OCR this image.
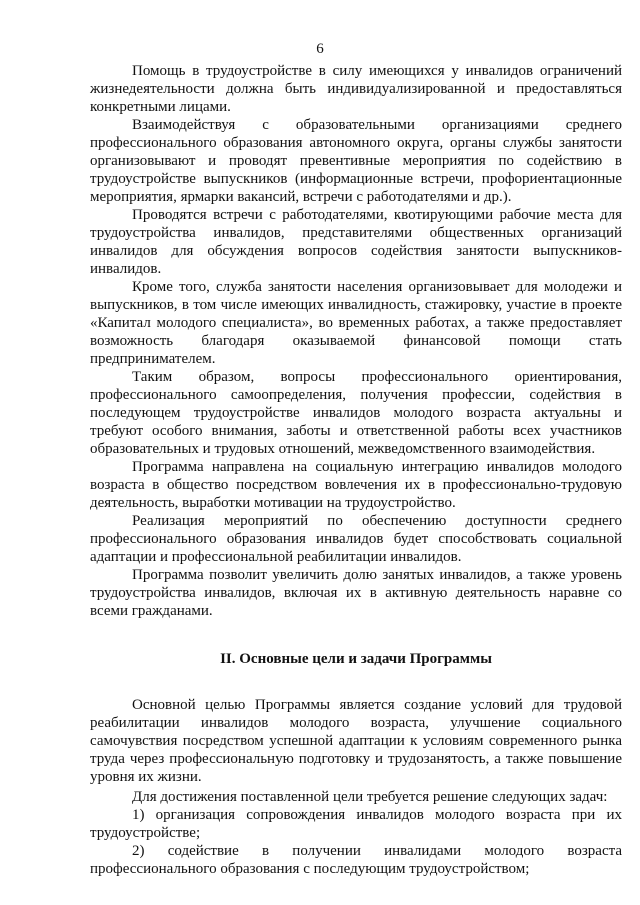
6

Помощь в трудоустройстве в силу имеющихся у инвалидов ограничений жизнедеятельности должна быть индивидуализированной и предоставляться конкретными лицами.

Взаимодействуя с образовательными организациями среднего профессионального образования автономного округа, органы службы занятости организовывают и проводят превентивные мероприятия по содействию в трудоустройстве выпускников (информационные встречи, профориентационные мероприятия, ярмарки вакансий, встречи с работодателями и др.).

Проводятся встречи с работодателями, квотирующими рабочие места для трудоустройства инвалидов, представителями общественных организаций инвалидов для обсуждения вопросов содействия занятости выпускников-инвалидов.

Кроме того, служба занятости населения организовывает для молодежи и выпускников, в том числе имеющих инвалидность, стажировку, участие в проекте «Капитал молодого специалиста», во временных работах, а также предоставляет возможность благодаря оказываемой финансовой помощи стать предпринимателем.

Таким образом, вопросы профессионального ориентирования, профессионального самоопределения, получения профессии, содействия в последующем трудоустройстве инвалидов молодого возраста актуальны и требуют особого внимания, заботы и ответственной работы всех участников образовательных и трудовых отношений, межведомственного взаимодействия.

Программа направлена на социальную интеграцию инвалидов молодого возраста в общество посредством вовлечения их в профессионально-трудовую деятельность, выработки мотивации на трудоустройство.

Реализация мероприятий по обеспечению доступности среднего профессионального образования инвалидов будет способствовать социальной адаптации и профессиональной реабилитации инвалидов.

Программа позволит увеличить долю занятых инвалидов, а также уровень трудоустройства инвалидов, включая их в активную деятельность наравне со всеми гражданами.

II. Основные цели и задачи Программы

Основной целью Программы является создание условий для трудовой реабилитации инвалидов молодого возраста, улучшение социального самочувствия посредством успешной адаптации к условиям современного рынка труда через профессиональную подготовку и трудозанятость, а также повышение уровня их жизни.

Для достижения поставленной цели требуется решение следующих задач:

1) организация сопровождения инвалидов молодого возраста при их трудоустройстве;

2) содействие в получении инвалидами молодого возраста профессионального образования с последующим трудоустройством;
